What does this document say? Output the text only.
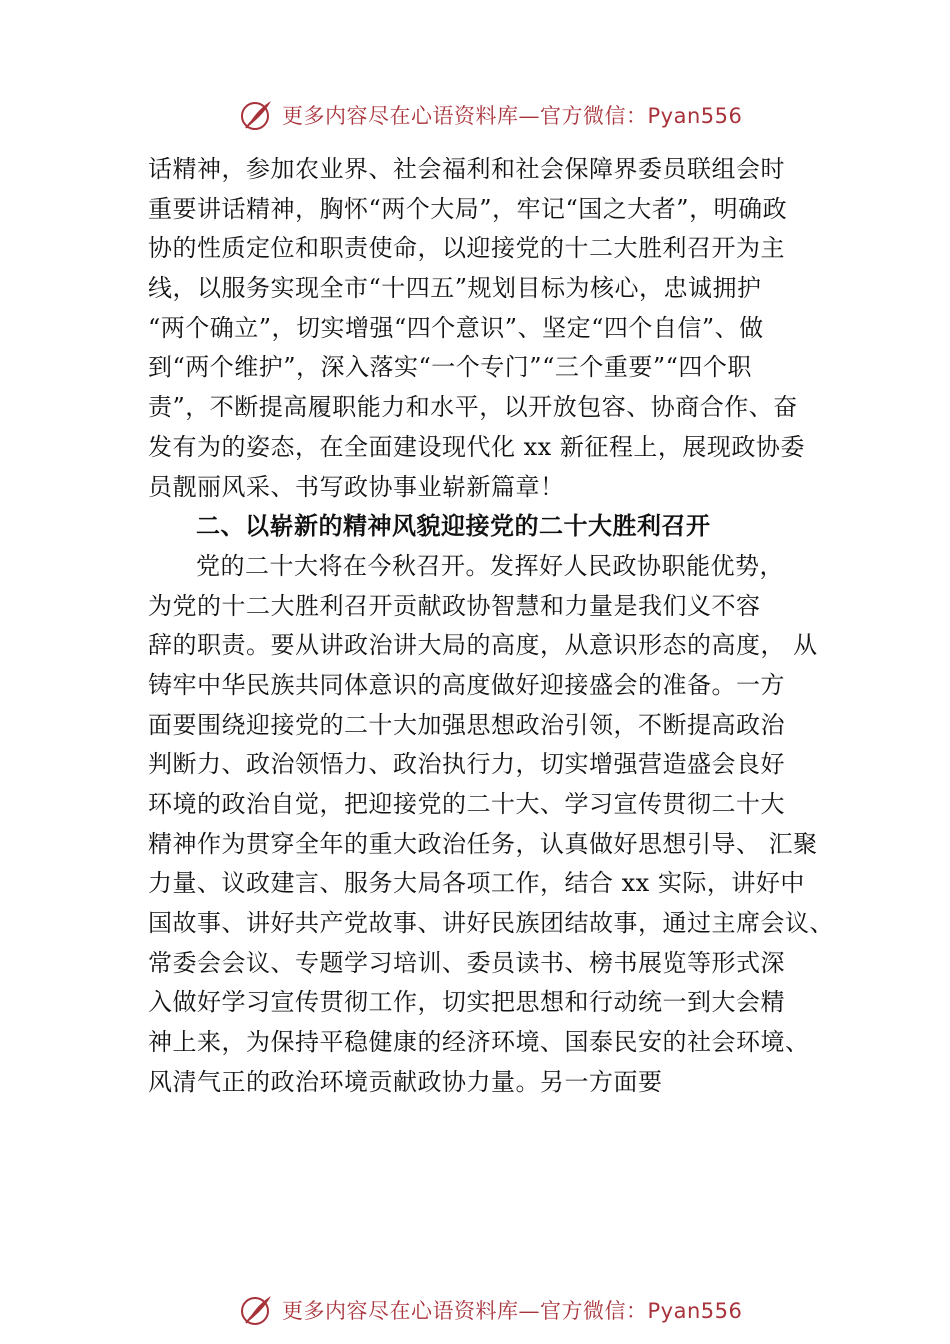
更多内容尽在心语资料库—官方微信：Pyan556
话精神，参加农业界、社会福利和社会保障界委员联组会时
重要讲话精神，胸怀“两个大局”，牢记“国之大者”，明确政
协的性质定位和职责使命，以迎接党的十二大胜利召开为主
线，以服务实现全市“十四五”规划目标为核心，忠诚拥护
“两个确立”，切实增强“四个意识”、坚定“四个自信”、做
到“两个维护”，深入落实“一个专门”“三个重要”“四个职
责”，不断提高履职能力和水平，以开放包容、协商合作、奋
发有为的姿态，在全面建设现代化 xx 新征程上，展现政协委
员靓丽风采、书写政协事业崭新篇章！
二、以崭新的精神风貌迎接党的二十大胜利召开
党的二十大将在今秋召开。发挥好人民政协职能优势，
为党的十二大胜利召开贡献政协智慧和力量是我们义不容
辞的职责。要从讲政治讲大局的高度，从意识形态的高度， 从
铸牢中华民族共同体意识的高度做好迎接盛会的准备。一方
面要围绕迎接党的二十大加强思想政治引领，不断提高政治
判断力、政治领悟力、政治执行力，切实增强营造盛会良好
环境的政治自觉，把迎接党的二十大、学习宣传贯彻二十大
精神作为贯穿全年的重大政治任务，认真做好思想引导、 汇聚
力量、议政建言、服务大局各项工作，结合 xx 实际，讲好中
国故事、讲好共产党故事、讲好民族团结故事，通过主席会议、
常委会会议、专题学习培训、委员读书、榜书展览等形式深
入做好学习宣传贯彻工作，切实把思想和行动统一到大会精
神上来，为保持平稳健康的经济环境、国泰民安的社会环境、
风清气正的政治环境贡献政协力量。另一方面要
更多内容尽在心语资料库—官方微信：Pyan556
